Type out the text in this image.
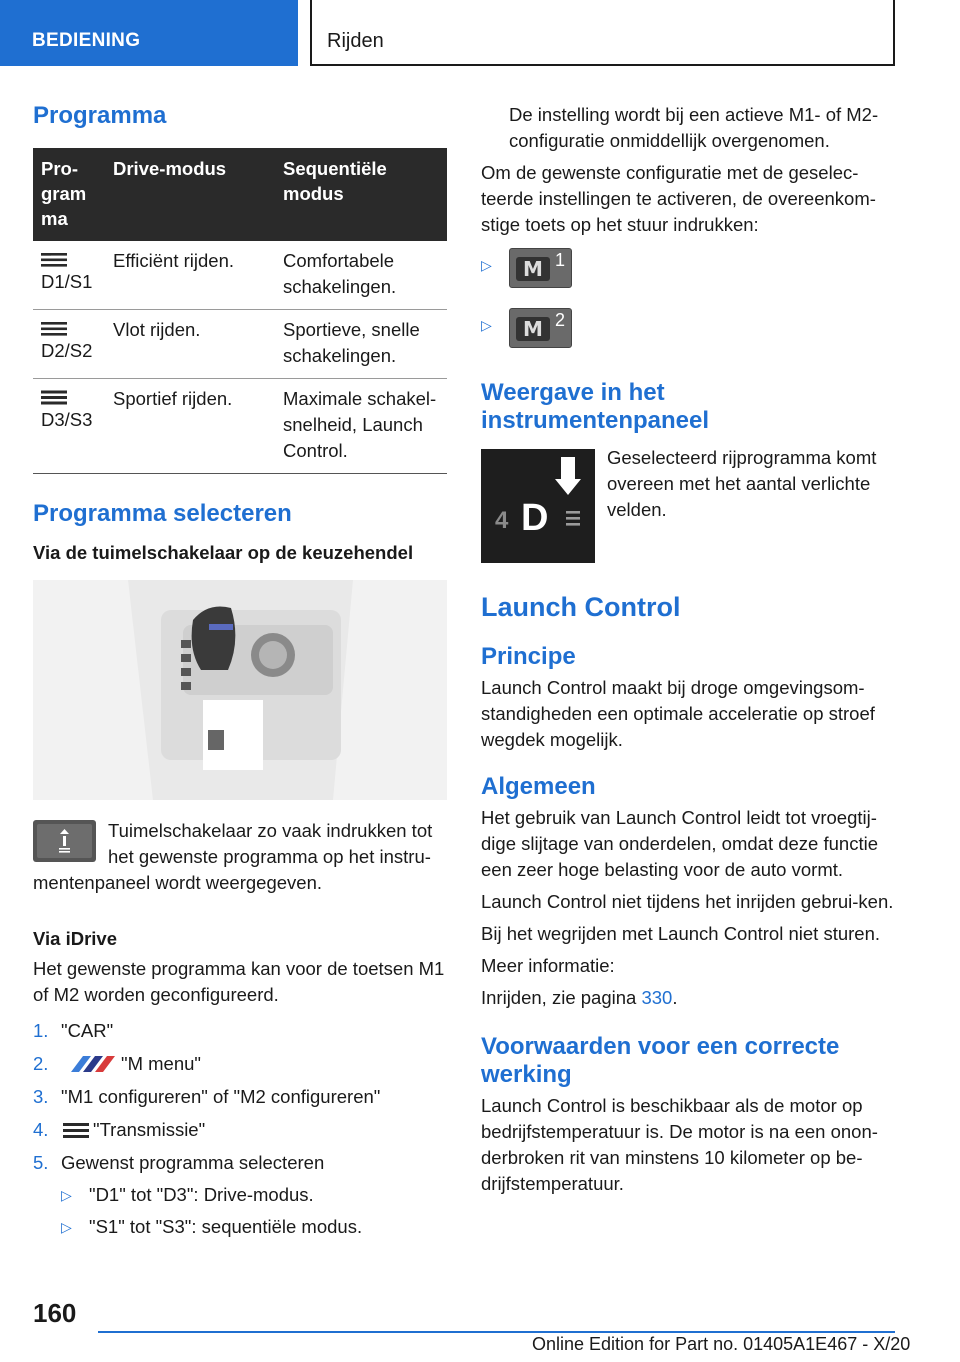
BEDIENING	Rijden
Programma
Pro-
gram
ma	Drive-modus	Sequentiële
modus

D1/S1	Efficiënt rijden.	Comfortabele
schakelingen.

D2/S2	Vlot rijden.	Sportieve, snelle
schakelingen.

D3/S3	Sportief rijden.	Maximale schakel-
snelheid, Launch
Control.
Programma selecteren
Via de tuimelschakelaar op de keuzehendel
Tuimelschakelaar zo vaak indrukken tot het gewenste programma op het instru-mentenpaneel wordt weergegeven.
Via iDrive

Het gewenste programma kan voor de toetsen M1 of M2 worden geconfigureerd.

1. "CAR"
2.	"M menu"
3. "M1 configureren" of "M2 configureren"
4.	"Transmissie"
5. Gewenst programma selecteren
▷ "D1" tot "D3": Drive-modus.
▷ "S1" tot "S3": sequentiële modus.

De instelling wordt bij een actieve M1- of M2-configuratie onmiddellijk overgenomen.

Om de gewenste configuratie met de geselec-teerde instellingen te activeren, de overeenkom-stige toets op het stuur indrukken:

▷	M 1
▷	M 2
Weergave in het instrumentenpaneel
4 D

Geselecteerd rijprogramma komt overeen met het aantal verlichte velden.

Launch Control
Principe

Launch Control maakt bij droge omgevingsom-standigheden een optimale acceleratie op stroef wegdek mogelijk.

Algemeen

Het gebruik van Launch Control leidt tot vroegtij-dige slijtage van onderdelen, omdat deze functie een zeer hoge belasting voor de auto vormt.

Launch Control niet tijdens het inrijden gebrui-ken.

Bij het wegrijden met Launch Control niet sturen.

Meer informatie:

Inrijden, zie pagina 330.

Voorwaarden voor een correcte werking

Launch Control is beschikbaar als de motor op bedrijfstemperatuur is. De motor is na een onon-derbroken rit van minstens 10 kilometer op be-drijfstemperatuur.

160
Online Edition for Part no. 01405A1E467 - X/20
